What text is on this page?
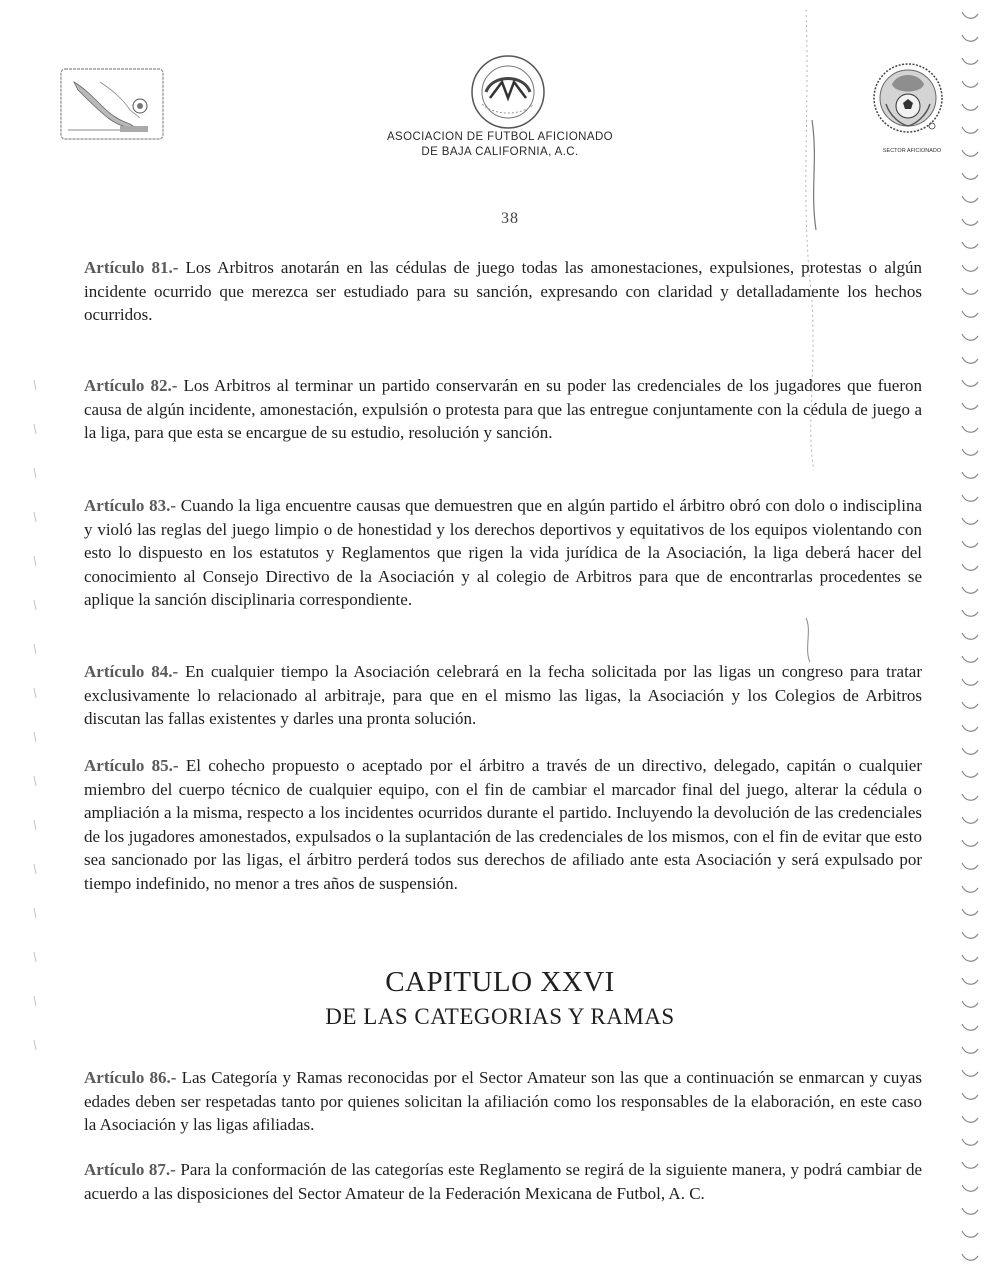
ASOCIACION DE FUTBOL AFICIONADO
DE BAJA CALIFORNIA, A.C.	SECTOR AFICIONADO
38

Artículo 81.- Los Arbitros anotarán en las cédulas de juego todas las amonestaciones, expulsiones, protestas o algún incidente ocurrido que merezca ser estudiado para su sanción, expresando con claridad y detalladamente los hechos ocurridos.

Artículo 82.- Los Arbitros al terminar un partido conservarán en su poder las credenciales de los jugadores que fueron causa de algún incidente, amonestación, expulsión o protesta para que las entregue conjuntamente con la cédula de juego a la liga, para que esta se encargue de su estudio, resolución y sanción.

Artículo 83.- Cuando la liga encuentre causas que demuestren que en algún partido el árbitro obró con dolo o indisciplina y violó las reglas del juego limpio o de honestidad y los derechos deportivos y equitativos de los equipos violentando con esto lo dispuesto en los estatutos y Reglamentos que rigen la vida jurídica de la Asociación, la liga deberá hacer del conocimiento al Consejo Directivo de la Asociación y al colegio de Arbitros para que de encontrarlas procedentes se aplique la sanción disciplinaria correspondiente.

Artículo 84.- En cualquier tiempo la Asociación celebrará en la fecha solicitada por las ligas un congreso para tratar exclusivamente lo relacionado al arbitraje, para que en el mismo las ligas, la Asociación y los Colegios de Arbitros discutan las fallas existentes y darles una pronta solución.

Artículo 85.- El cohecho propuesto o aceptado por el árbitro a través de un directivo, delegado, capitán o cualquier miembro del cuerpo técnico de cualquier equipo, con el fin de cambiar el marcador final del juego, alterar la cédula o ampliación a la misma, respecto a los incidentes ocurridos durante el partido. Incluyendo la devolución de las credenciales de los jugadores amonestados, expulsados o la suplantación de las credenciales de los mismos, con el fin de evitar que esto sea sancionado por las ligas, el árbitro perderá todos sus derechos de afiliado ante esta Asociación y será expulsado por tiempo indefinido, no menor a tres años de suspensión.

CAPITULO XXVI
DE LAS CATEGORIAS Y RAMAS

Artículo 86.- Las Categoría y Ramas reconocidas por el Sector Amateur son las que a continuación se enmarcan y cuyas edades deben ser respetadas tanto por quienes solicitan la afiliación como los responsables de la elaboración, en este caso la Asociación y las ligas afiliadas.

Artículo 87.- Para la conformación de las categorías este Reglamento se regirá de la siguiente manera, y podrá cambiar de acuerdo a las disposiciones del Sector Amateur de la Federación Mexicana de Futbol, A. C.
